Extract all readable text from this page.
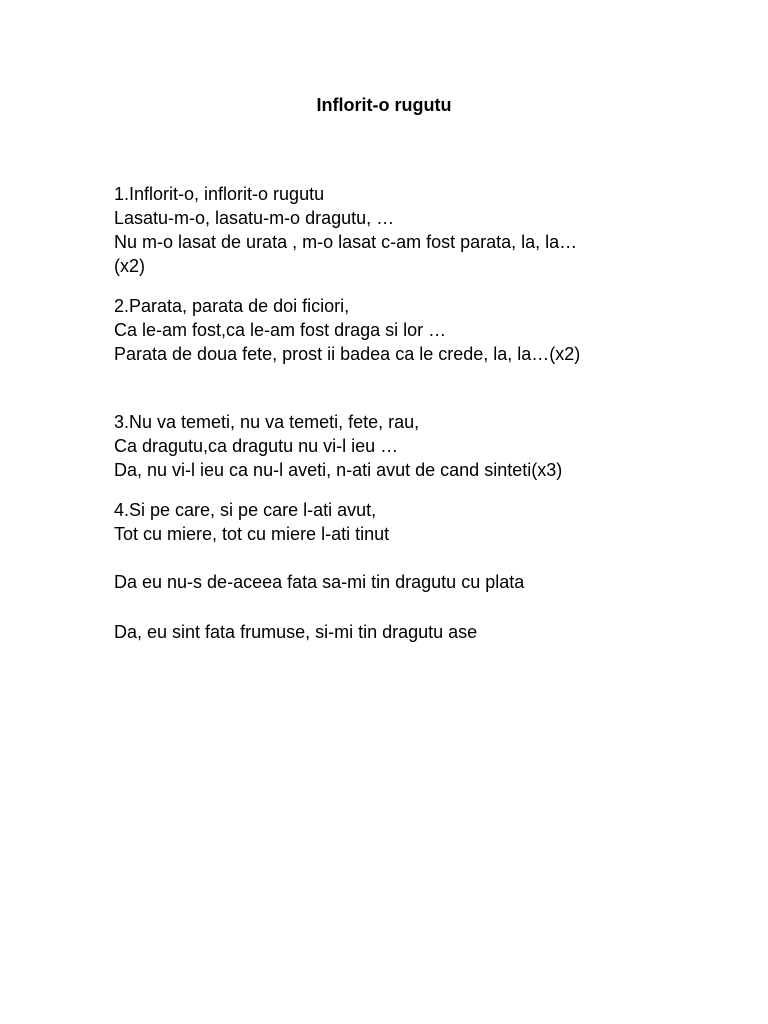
Inflorit-o rugutu
1.Inflorit-o, inflorit-o rugutu
Lasatu-m-o, lasatu-m-o dragutu, …
Nu m-o lasat de urata , m-o lasat c-am fost parata, la, la…
(x2)
2.Parata, parata de doi ficiori,
Ca le-am fost,ca le-am fost draga si lor …
Parata de doua fete, prost ii badea ca le crede, la, la…(x2)
3.Nu va temeti, nu va temeti, fete, rau,
Ca dragutu,ca dragutu nu vi-l ieu …
Da, nu vi-l ieu ca nu-l aveti, n-ati avut de cand sinteti(x3)
4.Si pe care, si pe care l-ati avut,
Tot cu miere, tot cu miere l-ati tinut
Da eu nu-s de-aceea fata sa-mi tin dragutu cu plata
Da, eu sint fata frumuse, si-mi tin dragutu ase
